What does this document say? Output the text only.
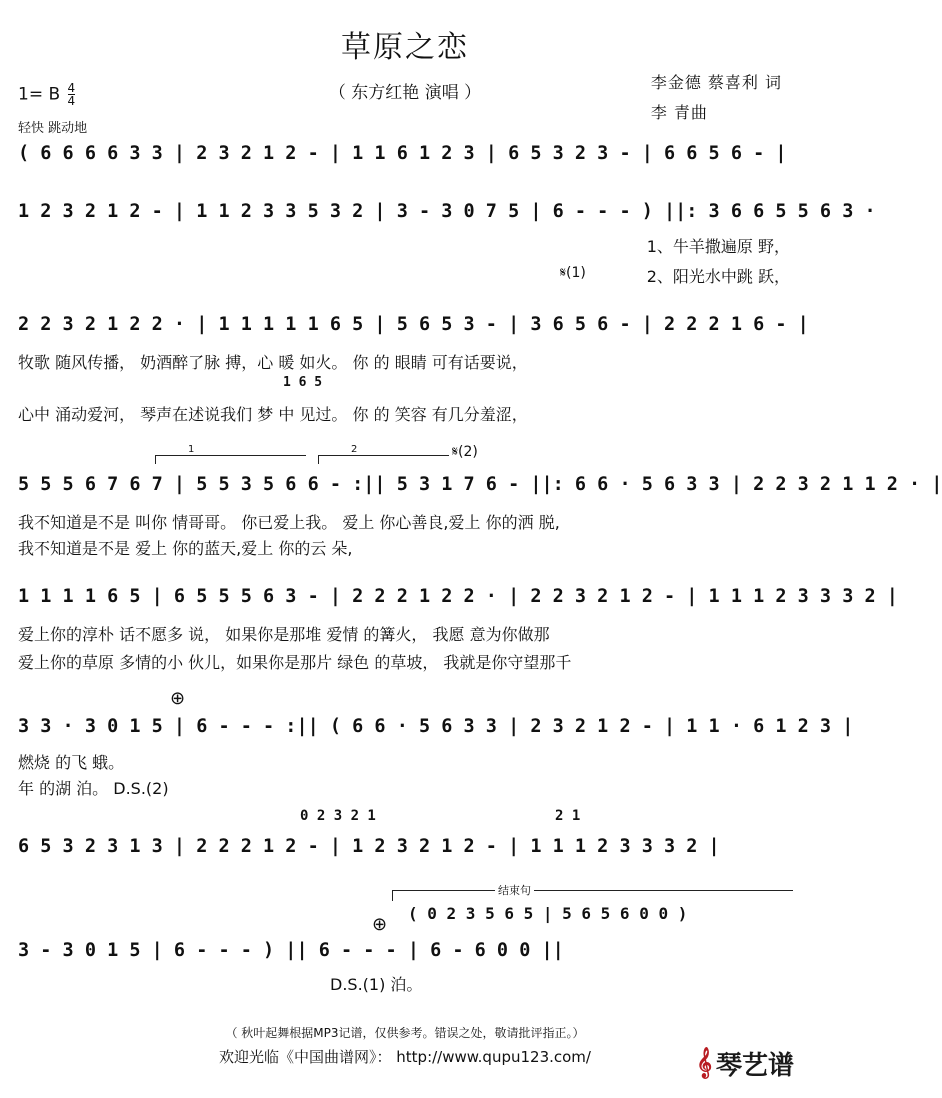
草原之恋
（ 东方红艳 演唱 ）
李金德 蔡喜利 词
李 青曲
1= B $\frac{4}{4}$
轻快 跳动地
( 6 6 6 6 3 3 | 2 3 2 1 2 - | 1 1 6 1 2 3 | 6 5 3 2 3 - | 6 6 5 6 - |
1 2 3 2 1 2 - | 1 1 2 3 3 5 3 2 | 3 - 3 0 7 5 | 6 - - - ) ||: 3 6 6 5 5 6 3 ·
1、牛羊撒遍原 野，
𝄋(1)	2、阳光水中跳 跃，
2 2 3 2 1 2 2 · | 1 1 1 1 1 6 5 | 5 6 5 3 - | 3 6 5 6 - | 2 2 2 1 6 - |
牧歌 随风传播， 奶酒醉了脉 搏，心 暖 如火。 你 的 眼睛 可有话要说，
1 6 5
心中 涌动爱河， 琴声在述说我们 梦 中 见过。 你 的 笑容 有几分羞涩，
1	2	𝄋(2)
5 5 5 6 7 6 7 | 5 5 3 5 6 6 - :|| 5 3 1 7 6 - ||: 6 6 · 5 6 3 3 | 2 2 3 2 1 1 2 · |
我不知道是不是 叫你 情哥哥。 你已爱上我。 爱上 你心善良,爱上 你的洒 脱,
我不知道是不是 爱上 你的蓝天,爱上 你的云 朵,
1 1 1 1 6 5 | 6 5 5 5 6 3 - | 2 2 2 1 2 2 · | 2 2 3 2 1 2 - | 1 1 1 2 3 3 3 2 |
爱上你的淳朴 话不愿多 说， 如果你是那堆 爱情 的篝火， 我愿 意为你做那
爱上你的草原 多情的小 伙儿，如果你是那片 绿色 的草坡， 我就是你守望那千
⊕
3 3 · 3 0 1 5 | 6 - - - :|| ( 6 6 · 5 6 3 3 | 2 3 2 1 2 - | 1 1 · 6 1 2 3 |
燃烧 的飞 蛾。
年 的湖 泊。 D.S.(2)
0 2 3 2 1	2 1
6 5 3 2 3 1 3 | 2 2 2 1 2 - | 1 2 3 2 1 2 - | 1 1 1 2 3 3 3 2 |
结束句
( 0 2 3 5 6 5 | 5 6 5 6 0 0 )
⊕
3 - 3 0 1 5 | 6 - - - ) || 6 - - - | 6 - 6 0 0 ||
D.S.(1) 泊。
（ 秋叶起舞根据MP3记谱，仅供参考。错误之处，敬请批评指正。）
欢迎光临《中国曲谱网》： http://www.qupu123.com/	𝄞 琴艺谱
